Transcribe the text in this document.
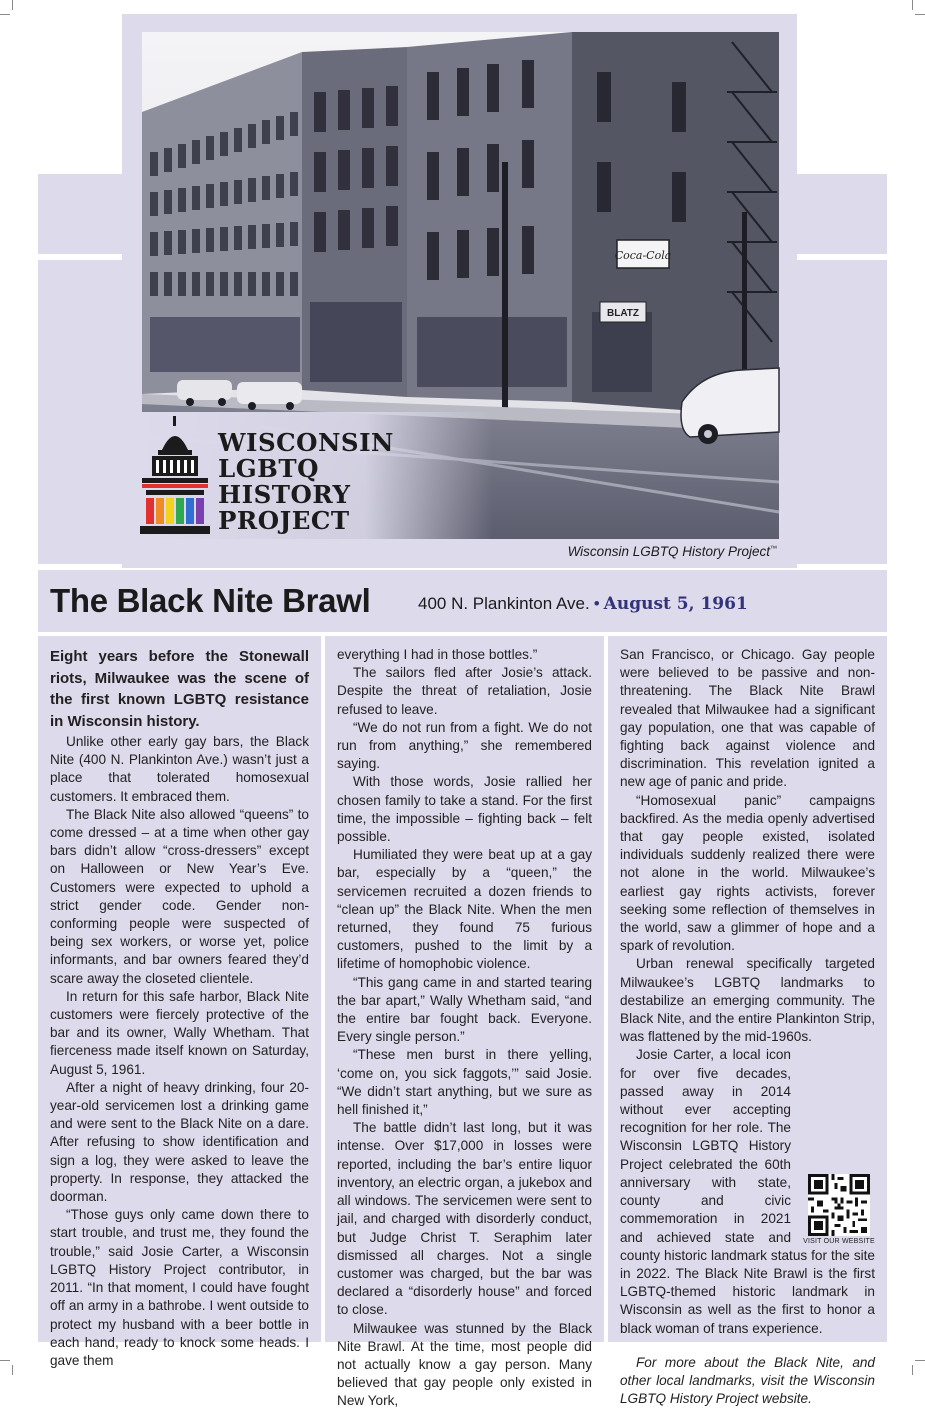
Coca-Cola
BLATZ
Wisconsin LGBTQ History Project™
WISCONSIN
LGBTQ
HISTORY
PROJECT
The Black Nite Brawl	400 N. Plankinton Ave. • August 5, 1961

Eight years before the Stonewall riots, Milwaukee was the scene of the first known LGBTQ resistance in Wisconsin history.

Unlike other early gay bars, the Black Nite (400 N. Plankinton Ave.) wasn’t just a place that tolerated homosexual customers. It embraced them.

The Black Nite also allowed “queens” to come dressed – at a time when other gay bars didn’t allow “cross-dressers” except on Halloween or New Year’s Eve. Customers were expected to uphold a strict gender code. Gender non-conforming people were suspected of being sex workers, or worse yet, police informants, and bar owners feared they’d scare away the closeted clientele.

In return for this safe harbor, Black Nite customers were fiercely protective of the bar and its owner, Wally Whetham. That fierceness made itself known on Saturday, August 5, 1961.

After a night of heavy drinking, four 20-year-old servicemen lost a drinking game and were sent to the Black Nite on a dare. After refusing to show identification and sign a log, they were asked to leave the property. In response, they attacked the doorman.

“Those guys only came down there to start trouble, and trust me, they found the trouble,” said Josie Carter, a Wisconsin LGBTQ History Project contributor, in 2011. “In that moment, I could have fought off an army in a bathrobe. I went outside to protect my husband with a beer bottle in each hand, ready to knock some heads. I gave them

everything I had in those bottles.”

The sailors fled after Josie’s attack. Despite the threat of retaliation, Josie refused to leave.

“We do not run from a fight. We do not run from anything,” she remembered saying.

With those words, Josie rallied her chosen family to take a stand. For the first time, the impossible – fighting back – felt possible.

Humiliated they were beat up at a gay bar, especially by a “queen,” the servicemen recruited a dozen friends to “clean up” the Black Nite. When the men returned, they found 75 furious customers, pushed to the limit by a lifetime of homophobic violence.

“This gang came in and started tearing the bar apart,” Wally Whetham said, “and the entire bar fought back. Everyone. Every single person.”

“These men burst in there yelling, ‘come on, you sick faggots,’” said Josie. “We didn’t start anything, but we sure as hell finished it,”

The battle didn’t last long, but it was intense. Over $17,000 in losses were reported, including the bar’s entire liquor inventory, an electric organ, a jukebox and all windows. The servicemen were sent to jail, and charged with disorderly conduct, but Judge Christ T. Seraphim later dismissed all charges. Not a single customer was charged, but the bar was declared a “disorderly house” and forced to close.

Milwaukee was stunned by the Black Nite Brawl. At the time, most people did not actually know a gay person. Many believed that gay people only existed in New York,

San Francisco, or Chicago. Gay people were believed to be passive and non-threatening. The Black Nite Brawl revealed that Milwaukee had a significant gay population, one that was capable of fighting back against violence and discrimination. This revelation ignited a new age of panic and pride.

“Homosexual panic” campaigns backfired. As the media openly advertised that gay people existed, isolated individuals suddenly realized there were not alone in the world. Milwaukee’s earliest gay rights activists, forever seeking some reflection of themselves in the world, saw a glimmer of hope and a spark of revolution.

Urban renewal specifically targeted Milwaukee’s LGBTQ landmarks to destabilize an emerging community. The Black Nite, and the entire Plankinton Strip, was flattened by the mid-1960s.

VISIT OUR WEBSITE

Josie Carter, a local icon for over five decades, passed away in 2014 without ever accepting recognition for her role. The Wisconsin LGBTQ History Project celebrated the 60th anniversary with state, county and civic commemoration in 2021 and achieved state and county historic landmark status for the site in 2022. The Black Nite Brawl is the first LGBTQ-themed historic landmark in Wisconsin as well as the first to honor a black woman of trans experience.

For more about the Black Nite, and other local landmarks, visit the Wisconsin LGBTQ History Project website.
